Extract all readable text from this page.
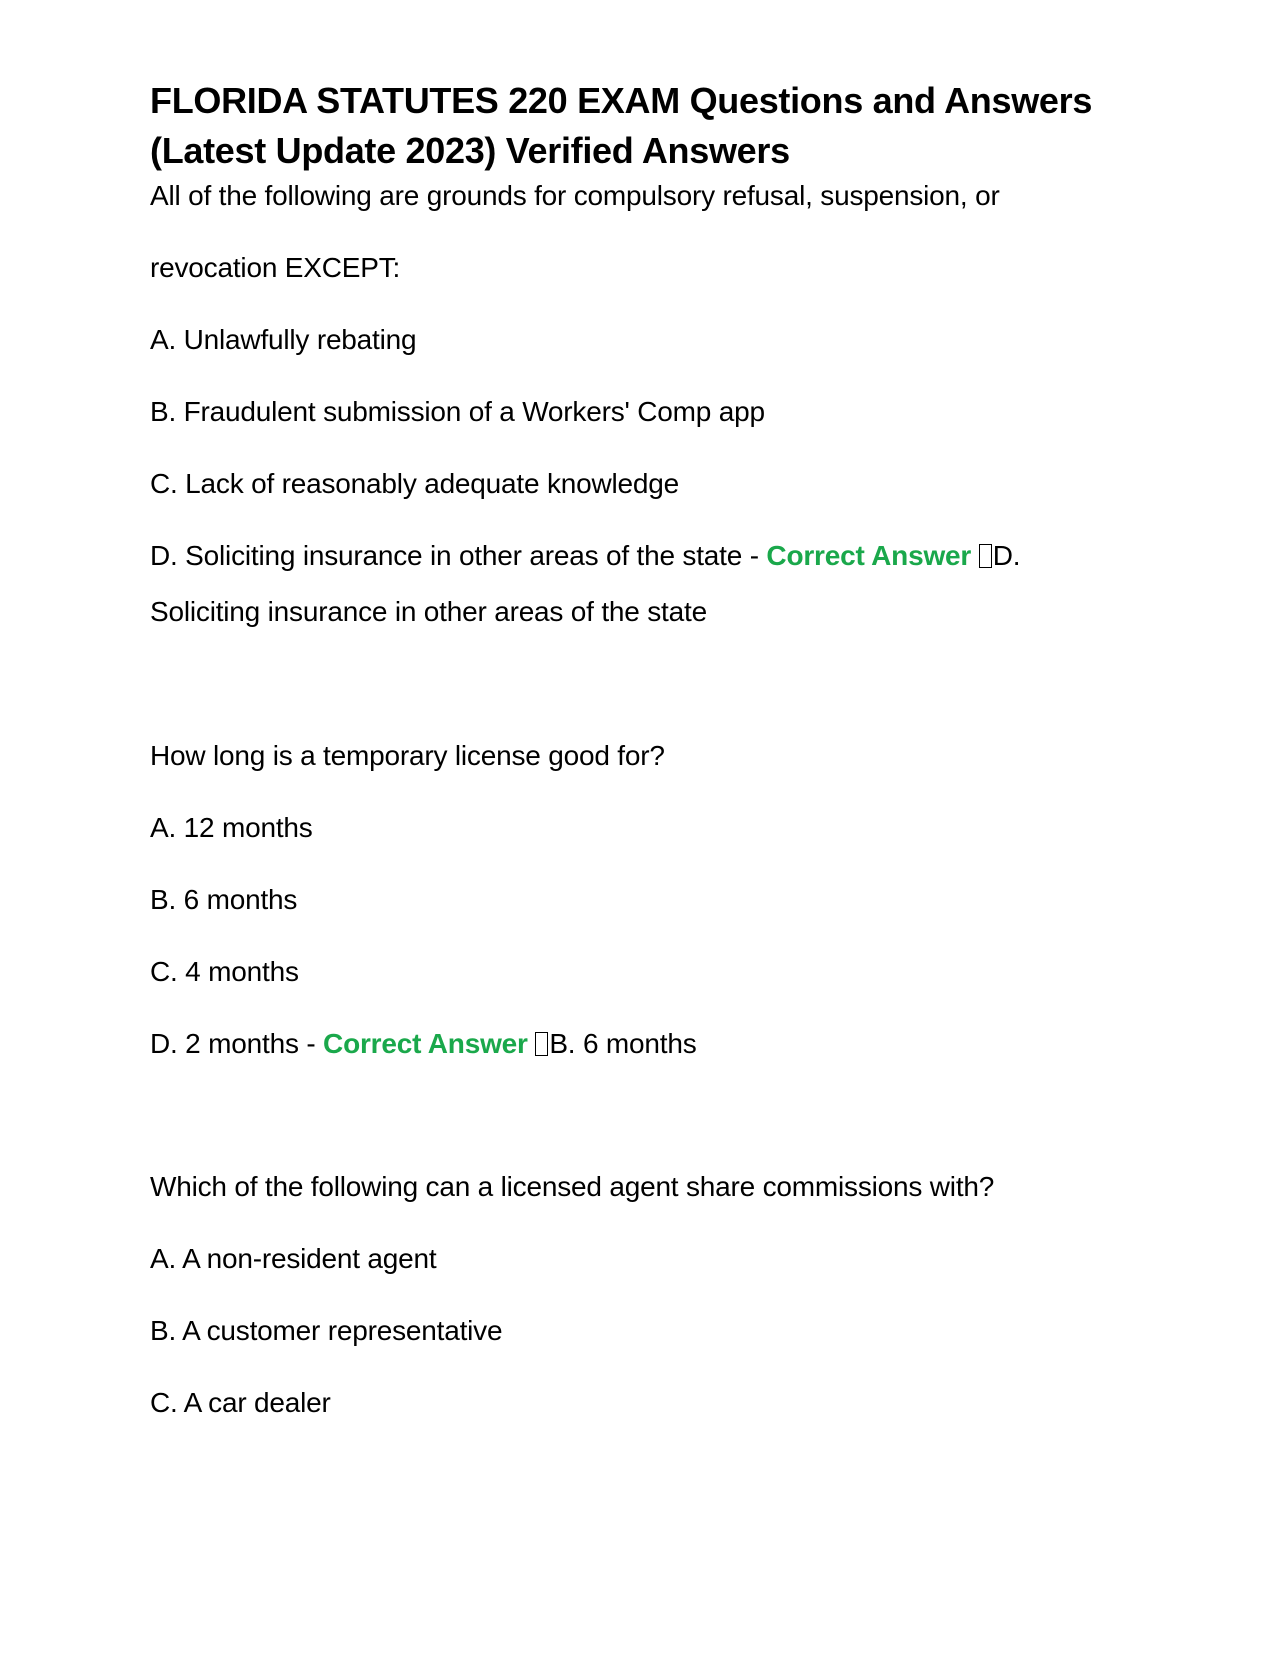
FLORIDA STATUTES 220 EXAM Questions and Answers
(Latest Update 2023) Verified Answers

All of the following are grounds for compulsory refusal, suspension, or

revocation EXCEPT:

A. Unlawfully rebating

B. Fraudulent submission of a Workers' Comp app

C. Lack of reasonably adequate knowledge

D. Soliciting insurance in other areas of the state - Correct Answer D.

Soliciting insurance in other areas of the state

How long is a temporary license good for?

A. 12 months

B. 6 months

C. 4 months

D. 2 months - Correct Answer B. 6 months

Which of the following can a licensed agent share commissions with?

A. A non-resident agent

B. A customer representative

C. A car dealer
